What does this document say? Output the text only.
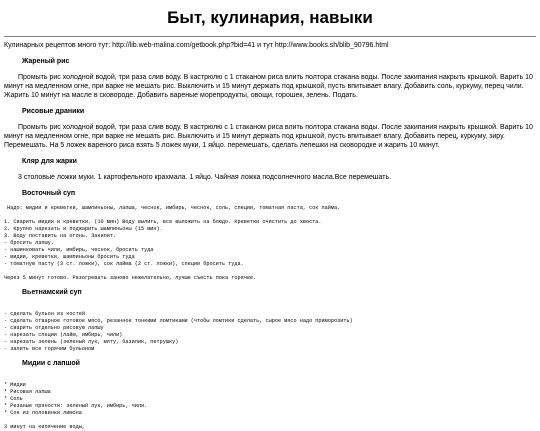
Быт, кулинария, навыки

Кулинарных рецептов много тут: http://lib.web-malina.com/getbook.php?bid=41 и тут http://www.books.sh/blib_90796.html

Жареный рис

Промыть рис холодной водой, три раза слив воду. В кастрюлю с 1 стаканом риса влить полтора стакана воды. После закипания накрыть крышкой. Варить 10 минут на медленном огне, при варке не мешать рис. Выключить и 15 минут держать под крышкой, пусть впитывает влагу. Добавить соль, куркуму, перец чили. Жарить 10 минут на масле в сковороде. Добавить вареные морепродукты, овощи, горошек, зелень. Подать.

Рисовые драники

Промыть рис холодной водой, три раза слив воду. В кастрюлю с 1 стаканом риса влить полтора стакана воды. После закипания накрыть крышкой. Варить 10 минут на медленном огне, при варке не мешать рис. Выключить и 15 минут держать под крышкой, пусть впитывает влагу. Добавить перец, куркуму, зиру. Перемешать. На 5 ложек вареного риса взять 5 ложек муки, 1 яйцо. перемешать, сделать лепешки на сковородке и жарить 10 минут.

Кляр для жарки

3 столовые ложки муки. 1 картофельного крахмала. 1 яйцо. Чайная ложка подсолнечного масла.Все перемешать.

Восточный суп
Надо: мидии и креветки, шампиньоны, лапша, чеснок, имбирь, чеснок, соль, специи, томатная паста, сок лайма.

1. Сварить мидии и креветки. (10 мин) Воду вылить, все выложить на блюдо. Креветки очистить до хвоста.
2. Крупно нарезать и поджарить шампиньоны (15 мин).
3. Воду поставить на огонь. Закипит.
- бросить лапшу.
- нашинковать чили, имбирь, чеснок, бросить туда
- мидии, креветки, шампиньоны бросить туда
- томатную пасту (3 ст. ложки), сок лайма (2 ст. ложки), специи бросить туда.

Через 5 минут готово. Разогревать заново нежелательно, лучше съесть пока горячее.
Вьетнамский суп

- сделать бульон из костей
- сделать отварное готовое мясо, резанное тонкими ломтиками (чтобы ломтики сделать, сырое мясо надо приморозить)
- сварить отдельно рисовую лапшу
- нарезать специи (лайм, имбирь, чили)
- нарезать зелень (зеленый лук, мяту, базилик, петрушку)
- залить все горячим бульоном
Мидии с лапшой

* Мидии
* Рисовая лапша
* Соль
* Резаные пряности: зеленый лук, имбирь, чили.
* Сок из половинки лимона

3 минут на кипячение воды,
